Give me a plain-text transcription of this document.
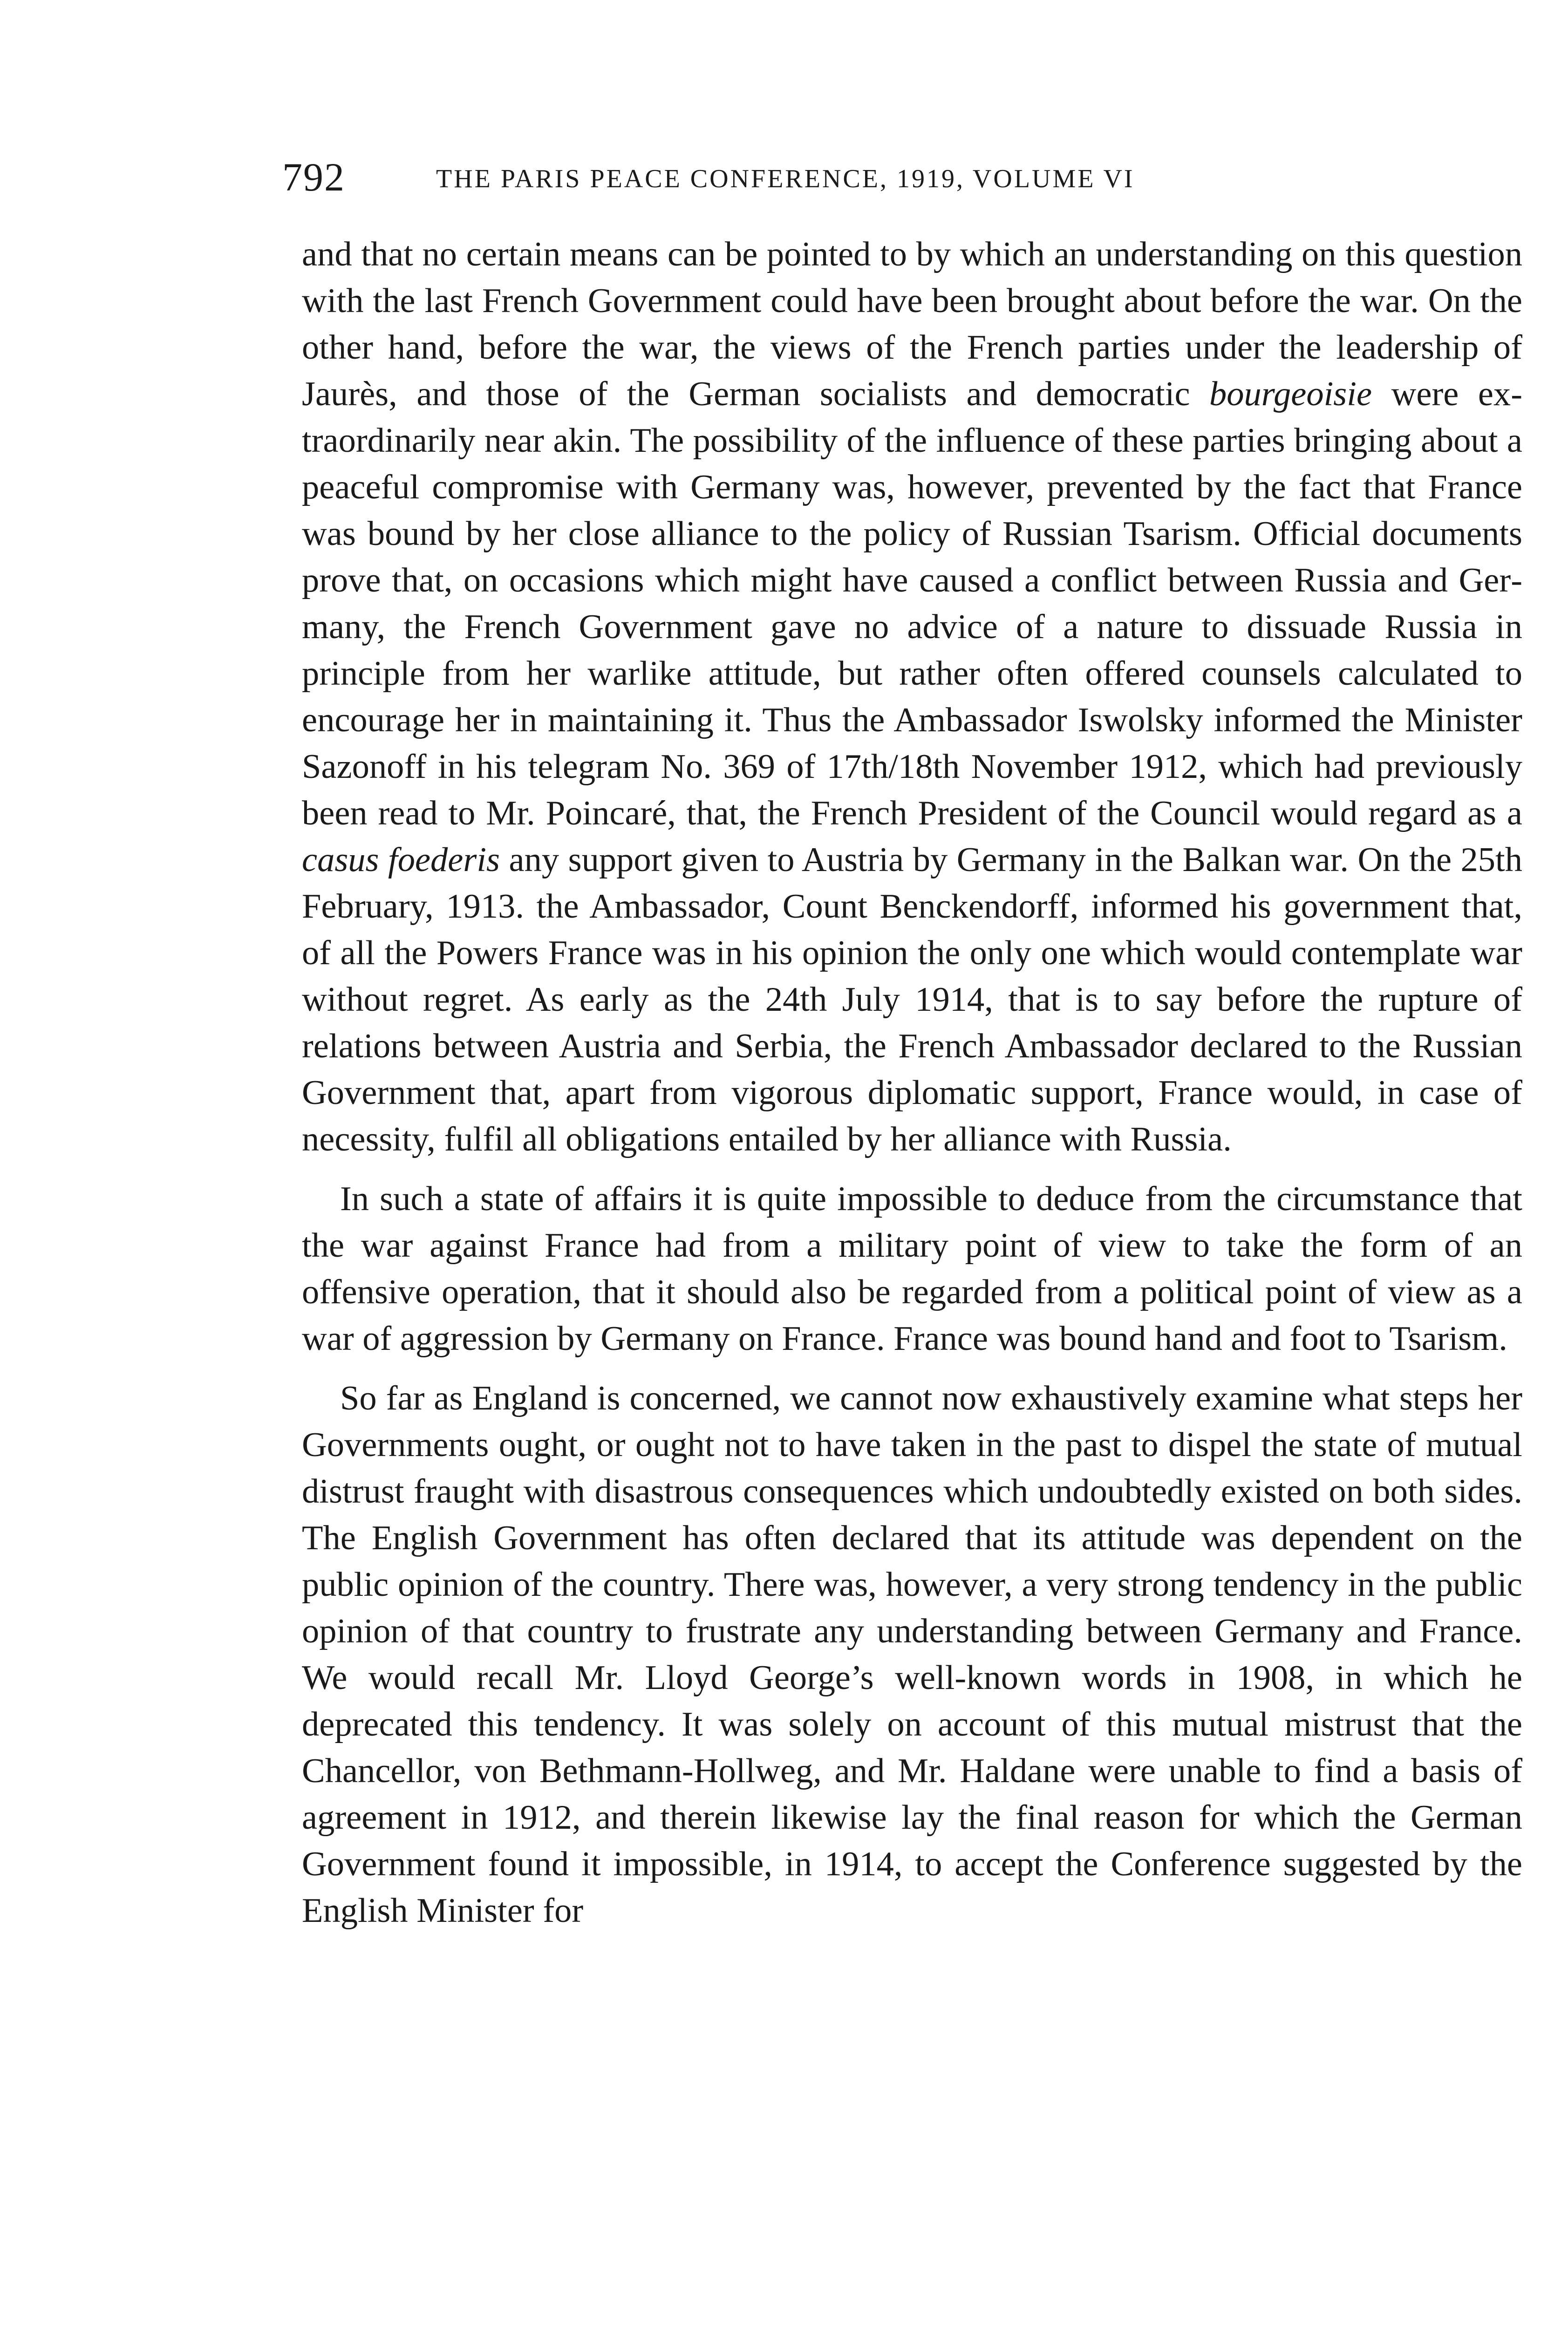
792	THE PARIS PEACE CONFERENCE, 1919, VOLUME VI

and that no certain means can be pointed to by which an understanding on this question with the last French Government could have been brought about before the war. On the other hand, before the war, the views of the French parties under the leadership of Jaurès, and those of the German socialists and democratic bourgeoisie were extraordinarily near akin. The possibility of the influence of these parties bringing about a peaceful compromise with Germany was, however, prevented by the fact that France was bound by her close alliance to the policy of Russian Tsarism. Official documents prove that, on occasions which might have caused a conflict between Russia and Germany, the French Government gave no advice of a nature to dissuade Russia in principle from her warlike attitude, but rather often offered counsels calculated to encourage her in maintaining it. Thus the Ambassador Iswolsky informed the Minister Sazonoff in his telegram No. 369 of 17th/18th November 1912, which had previously been read to Mr. Poincaré, that, the French President of the Council would regard as a casus foederis any support given to Austria by Germany in the Balkan war. On the 25th February, 1913. the Ambassador, Count Benckendorff, informed his government that, of all the Powers France was in his opinion the only one which would contemplate war without regret. As early as the 24th July 1914, that is to say before the rupture of relations between Austria and Serbia, the French Ambassador declared to the Russian Government that, apart from vigorous diplomatic support, France would, in case of necessity, fulfil all obligations entailed by her alliance with Russia.

In such a state of affairs it is quite impossible to deduce from the circumstance that the war against France had from a military point of view to take the form of an offensive operation, that it should also be regarded from a political point of view as a war of aggression by Germany on France. France was bound hand and foot to Tsarism.

So far as England is concerned, we cannot now exhaustively examine what steps her Governments ought, or ought not to have taken in the past to dispel the state of mutual distrust fraught with disastrous consequences which undoubtedly existed on both sides. The English Government has often declared that its attitude was dependent on the public opinion of the country. There was, however, a very strong tendency in the public opinion of that country to frustrate any understanding between Germany and France. We would recall Mr. Lloyd George’s well-known words in 1908, in which he deprecated this tendency. It was solely on account of this mutual mistrust that the Chancellor, von Bethmann-Hollweg, and Mr. Haldane were unable to find a basis of agreement in 1912, and therein likewise lay the final reason for which the German Government found it impossible, in 1914, to accept the Conference suggested by the English Minister for
